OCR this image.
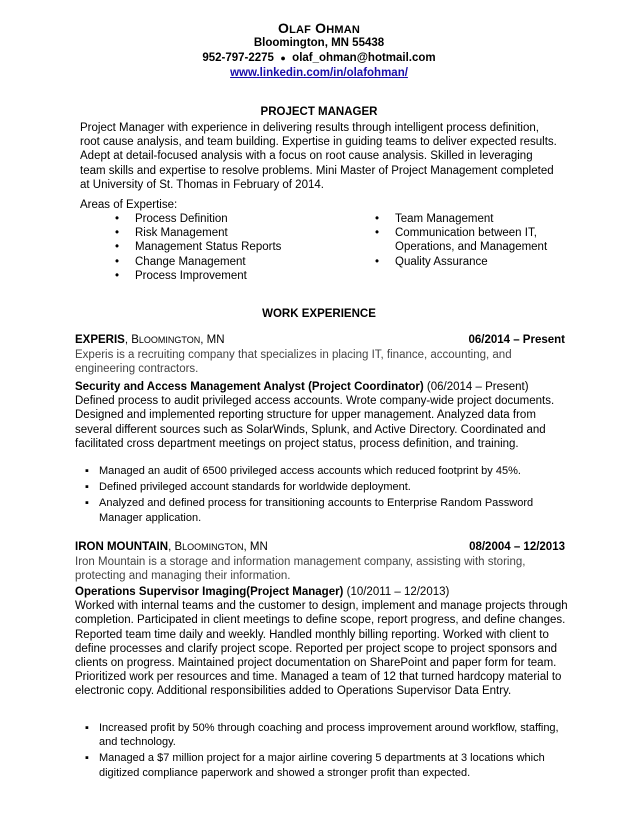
OLAF OHMAN
Bloomington, MN 55438
952-797-2275 ● olaf_ohman@hotmail.com
www.linkedin.com/in/olafohman/
PROJECT MANAGER
Project Manager with experience in delivering results through intelligent process definition, root cause analysis, and team building. Expertise in guiding teams to deliver expected results. Adept at detail-focused analysis with a focus on root cause analysis. Skilled in leveraging team skills and expertise to resolve problems. Mini Master of Project Management completed at University of St. Thomas in February of 2014.
Areas of Expertise:
• Process Definition
• Risk Management
• Management Status Reports
• Change Management
• Process Improvement
• Team Management
• Communication between IT, Operations, and Management
• Quality Assurance
WORK EXPERIENCE
EXPERIS, BLOOMINGTON, MN	06/2014 – Present
Experis is a recruiting company that specializes in placing IT, finance, accounting, and engineering contractors.
Security and Access Management Analyst (Project Coordinator) (06/2014 – Present)
Defined process to audit privileged access accounts. Wrote company-wide project documents. Designed and implemented reporting structure for upper management. Analyzed data from several different sources such as SolarWinds, Splunk, and Active Directory. Coordinated and facilitated cross department meetings on project status, process definition, and training.
▪ Managed an audit of 6500 privileged access accounts which reduced footprint by 45%.
▪ Defined privileged account standards for worldwide deployment.
▪ Analyzed and defined process for transitioning accounts to Enterprise Random Password Manager application.
IRON MOUNTAIN, BLOOMINGTON, MN	08/2004 – 12/2013
Iron Mountain is a storage and information management company, assisting with storing, protecting and managing their information.
Operations Supervisor Imaging(Project Manager) (10/2011 – 12/2013)
Worked with internal teams and the customer to design, implement and manage projects through completion. Participated in client meetings to define scope, report progress, and define changes. Reported team time daily and weekly. Handled monthly billing reporting. Worked with client to define processes and clarify project scope. Reported per project scope to project sponsors and clients on progress. Maintained project documentation on SharePoint and paper form for team. Prioritized work per resources and time. Managed a team of 12 that turned hardcopy material to electronic copy. Additional responsibilities added to Operations Supervisor Data Entry.
▪ Increased profit by 50% through coaching and process improvement around workflow, staffing, and technology.
▪ Managed a $7 million project for a major airline covering 5 departments at 3 locations which digitized compliance paperwork and showed a stronger profit than expected.
